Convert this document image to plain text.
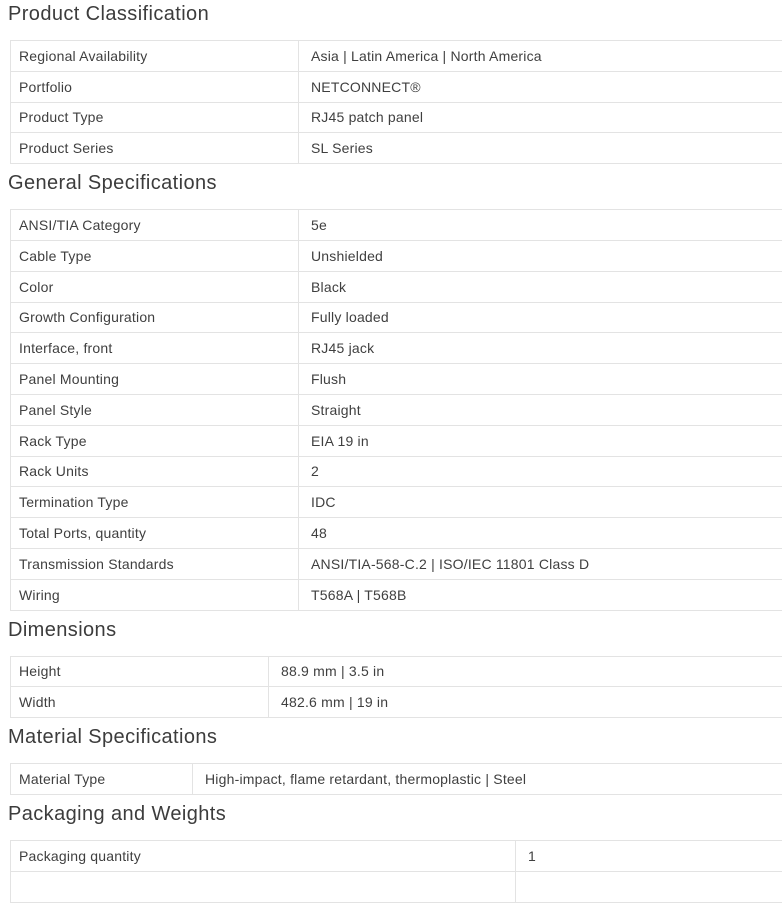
Product Classification
Regional Availability	Asia | Latin America | North America
Portfolio	NETCONNECT®
Product Type	RJ45 patch panel
Product Series	SL Series
General Specifications
ANSI/TIA Category	5e
Cable Type	Unshielded
Color	Black
Growth Configuration	Fully loaded
Interface, front	RJ45 jack
Panel Mounting	Flush
Panel Style	Straight
Rack Type	EIA 19 in
Rack Units	2
Termination Type	IDC
Total Ports, quantity	48
Transmission Standards	ANSI/TIA-568-C.2 | ISO/IEC 11801 Class D
Wiring	T568A | T568B
Dimensions
Height	88.9 mm | 3.5 in
Width	482.6 mm | 19 in
Material Specifications
Material Type	High-impact, flame retardant, thermoplastic | Steel
Packaging and Weights
Packaging quantity	1
